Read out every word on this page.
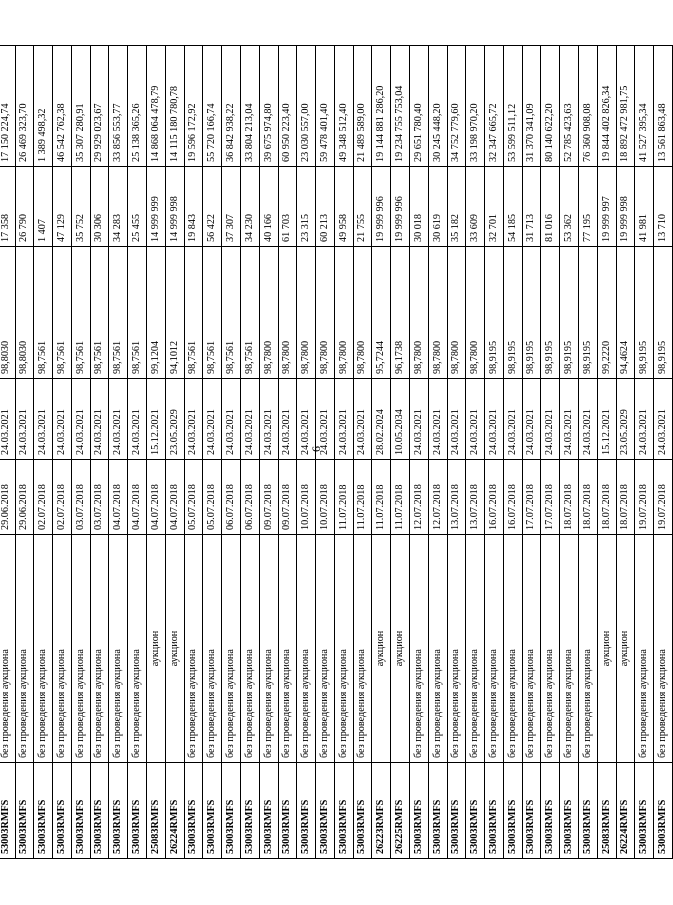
6

53003RMFS	без проведения аукциона	29.06.2018	24.03.2021	98,8030	17 358	17 150 224,74
53003RMFS	без проведения аукциона	29.06.2018	24.03.2021	98,8030	26 790	26 469 323,70
53003RMFS	без проведения аукциона	02.07.2018	24.03.2021	98,7561	1 407	1 389 498,32
53003RMFS	без проведения аукциона	02.07.2018	24.03.2021	98,7561	47 129	46 542 762,38
53003RMFS	без проведения аукциона	03.07.2018	24.03.2021	98,7561	35 752	35 307 280,91
53003RMFS	без проведения аукциона	03.07.2018	24.03.2021	98,7561	30 306	29 929 023,67
53003RMFS	без проведения аукциона	04.07.2018	24.03.2021	98,7561	34 283	33 856 553,77
53003RMFS	без проведения аукциона	04.07.2018	24.03.2021	98,7561	25 455	25 138 365,26
25083RMFS	аукцион	04.07.2018	15.12.2021	99,1204	14 999 999	14 868 064 478,79
26224RMFS	аукцион	04.07.2018	23.05.2029	94,1012	14 999 998	14 115 180 780,78
53003RMFS	без проведения аукциона	05.07.2018	24.03.2021	98,7561	19 843	19 596 172,92
53003RMFS	без проведения аукциона	05.07.2018	24.03.2021	98,7561	56 422	55 720 166,74
53003RMFS	без проведения аукциона	06.07.2018	24.03.2021	98,7561	37 307	36 842 938,22
53003RMFS	без проведения аукциона	06.07.2018	24.03.2021	98,7561	34 230	33 804 213,04
53003RMFS	без проведения аукциона	09.07.2018	24.03.2021	98,7800	40 166	39 675 974,80
53003RMFS	без проведения аукциона	09.07.2018	24.03.2021	98,7800	61 703	60 950 223,40
53003RMFS	без проведения аукциона	10.07.2018	24.03.2021	98,7800	23 315	23 030 557,00
53003RMFS	без проведения аукциона	10.07.2018	24.03.2021	98,7800	60 213	59 478 401,40
53003RMFS	без проведения аукциона	11.07.2018	24.03.2021	98,7800	49 958	49 348 512,40
53003RMFS	без проведения аукциона	11.07.2018	24.03.2021	98,7800	21 755	21 489 589,00
26223RMFS	аукцион	11.07.2018	28.02.2024	95,7244	19 999 996	19 144 881 286,20
26225RMFS	аукцион	11.07.2018	10.05.2034	96,1738	19 999 996	19 234 755 753,04
53003RMFS	без проведения аукциона	12.07.2018	24.03.2021	98,7800	30 018	29 651 780,40
53003RMFS	без проведения аукциона	12.07.2018	24.03.2021	98,7800	30 619	30 245 448,20
53003RMFS	без проведения аукциона	13.07.2018	24.03.2021	98,7800	35 182	34 752 779,60
53003RMFS	без проведения аукциона	13.07.2018	24.03.2021	98,7800	33 609	33 198 970,20
53003RMFS	без проведения аукциона	16.07.2018	24.03.2021	98,9195	32 701	32 347 665,72
53003RMFS	без проведения аукциона	16.07.2018	24.03.2021	98,9195	54 185	53 599 511,12
53003RMFS	без проведения аукциона	17.07.2018	24.03.2021	98,9195	31 713	31 370 341,09
53003RMFS	без проведения аукциона	17.07.2018	24.03.2021	98,9195	81 016	80 140 622,20
53003RMFS	без проведения аукциона	18.07.2018	24.03.2021	98,9195	53 362	52 785 423,63
53003RMFS	без проведения аукциона	18.07.2018	24.03.2021	98,9195	77 195	76 360 908,08
25083RMFS	аукцион	18.07.2018	15.12.2021	99,2220	19 999 997	19 844 402 826,34
26224RMFS	аукцион	18.07.2018	23.05.2029	94,4624	19 999 998	18 892 472 981,75
53003RMFS	без проведения аукциона	19.07.2018	24.03.2021	98,9195	41 981	41 527 395,34
53003RMFS	без проведения аукциона	19.07.2018	24.03.2021	98,9195	13 710	13 561 863,48
